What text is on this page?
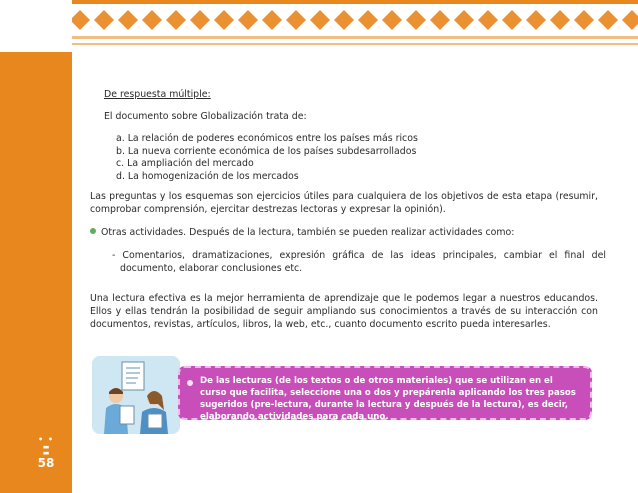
• •
▬
▬
58
De respuesta múltiple:
El documento sobre Globalización trata de:
a. La relación de poderes económicos entre los países más ricos
b. La nueva corriente económica de los países subdesarrollados
c. La ampliación del mercado
d. La homogenización de los mercados
Las preguntas y los esquemas son ejercicios útiles para cualquiera de los objetivos de esta etapa (resumir, comprobar comprensión, ejercitar destrezas lectoras y expresar la opinión).
Otras actividades. Después de la lectura, también se pueden realizar actividades como:
- Comentarios, dramatizaciones, expresión gráfica de las ideas principales, cambiar el final del documento, elaborar conclusiones etc.
Una lectura efectiva es la mejor herramienta de aprendizaje que le podemos legar a nuestros educandos. Ellos y ellas tendrán la posibilidad de seguir ampliando sus conocimientos a través de su interacción con documentos, revistas, artículos, libros, la web, etc., cuanto documento escrito pueda interesarles.
De las lecturas (de los textos o de otros materiales) que se utilizan en el curso que facilita, seleccione una o dos y prepárenla aplicando los tres pasos sugeridos (pre-lectura, durante la lectura y después de la lectura), es decir, elaborando actividades para cada uno.
